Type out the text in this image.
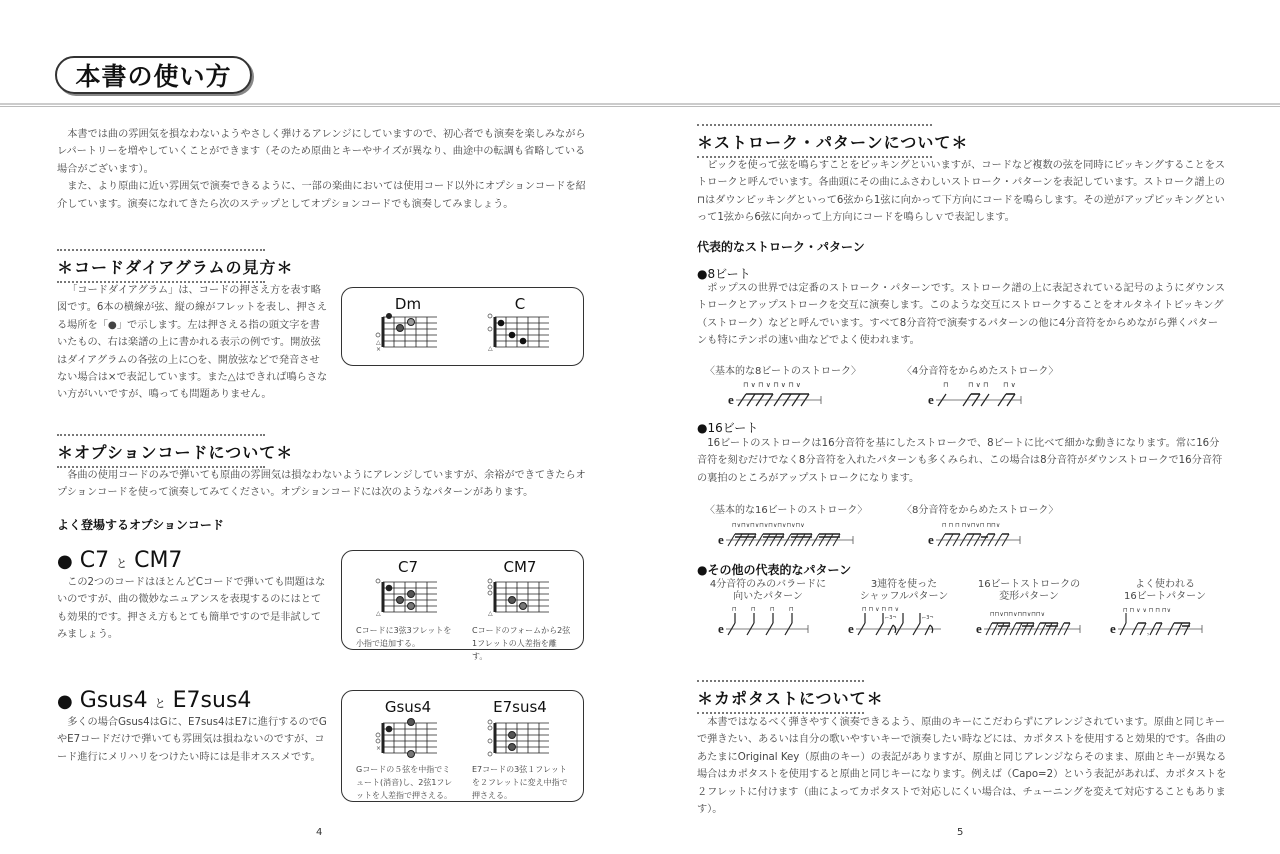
本書の使い方

本書では曲の雰囲気を損なわないようやさしく弾けるアレンジにしていますので、初心者でも演奏を楽しみながらレパートリーを増やしていくことができます（そのため原曲とキーやサイズが異なり、曲途中の転調も省略している場合がございます）。

また、より原曲に近い雰囲気で演奏できるように、一部の楽曲においては使用コード以外にオプションコードを紹介しています。演奏になれてきたら次のステップとしてオプションコードでも演奏してみましょう。

＊コードダイアグラムの見方＊

「コードダイアグラム」は、コードの押さえ方を表す略図です。6本の横線が弦、縦の線がフレットを表し、押さえる場所を「●」で示します。左は押さえる指の頭文字を書いたもの、右は楽譜の上に書かれる表示の例です。開放弦はダイアグラムの各弦の上に○を、開放弦などで発音させない場合は×で表記しています。また△はできれば鳴らさない方がいいですが、鳴っても問題ありません。

Dm	C
△
×	△
＊オプションコードについて＊

各曲の使用コードのみで弾いても原曲の雰囲気は損なわないようにアレンジしていますが、余裕ができてきたらオプションコードを使って演奏してみてください。オプションコードには次のようなパターンがあります。

よく登場するオプションコード
● C7 と CM7

この2つのコードはほとんどCコードで弾いても問題はないのですが、曲の微妙なニュアンスを表現するのにはとても効果的です。押さえ方もとても簡単ですので是非試してみましょう。

C7	CM7
△	△
Cコードに3弦3フレットを小指で追加する。
Cコードのフォームから2弦1フレットの人差指を離す。
● Gsus4 と E7sus4

多くの場合Gsus4はGに、E7sus4はE7に進行するのでGやE7コードだけで弾いても雰囲気は損ねないのですが、コード進行にメリハリをつけたい時には是非オススメです。

Gsus4	E7sus4
×
Gコードの５弦を中指でミュート(消音)し、2弦1フレットを人差指で押さえる。
E7コードの3弦１フレットを２フレットに変え中指で押さえる。
4
＊ストローク・パターンについて＊

ピックを使って弦を鳴らすことをピッキングといいますが、コードなど複数の弦を同時にピッキングすることをストロークと呼んでいます。各曲頭にその曲にふさわしいストローク・パターンを表記しています。ストローク譜上の⊓はダウンピッキングといって6弦から1弦に向かって下方向にコードを鳴らします。その逆がアップピッキングといって1弦から6弦に向かって上方向にコードを鳴らしｖで表記します。

代表的なストローク・パターン
●8ビート

ポップスの世界では定番のストローク・パターンです。ストローク譜の上に表記されている記号のようにダウンストロークとアップストロークを交互に演奏します。このような交互にストロークすることをオルタネイトピッキング（ストローク）などと呼んでいます。すべて8分音符で演奏するパターンの他に4分音符をからめながら弾くパターンも特にテンポの速い曲などでよく使われます。

〈基本的な8ビートのストローク〉	〈4分音符をからめたストローク〉
e
⊓ ∨ ⊓ ∨ ⊓ ∨ ⊓ ∨
e
⊓	⊓ ∨ ⊓ ⊓ ∨
●16ビート

16ビートのストロークは16分音符を基にしたストロークで、8ビートに比べて細かな動きになります。常に16分音符を刻むだけでなく8分音符を入れたパターンも多くみられ、この場合は8分音符がダウンストロークで16分音符の裏拍のところがアップストロークになります。

〈基本的な16ビートのストローク〉	〈8分音符をからめたストローク〉
e
⊓∨⊓∨⊓∨⊓∨⊓∨⊓∨⊓∨⊓∨
e
⊓ ⊓ ⊓ ⊓∨⊓∨⊓ ⊓⊓∨
●その他の代表的なパターン
4分音符のみのバラードに
向いたパターン
3連符を使った
シャッフルパターン
16ビートストロークの
変形パターン
よく使われる
16ビートパターン
e
⊓ ⊓ ⊓ ⊓
e
⊓ ⊓ ∨ ⊓ ⊓ ∨
⌐3¬	⌐3¬
e
⊓⊓∨⊓⊓∨⊓⊓∨⊓⊓∨
e	𝄾
⊓ ⊓ ∨ ∨ ⊓ ⊓ ⊓∨
＊カポタストについて＊

本書ではなるべく弾きやすく演奏できるよう、原曲のキーにこだわらずにアレンジされています。原曲と同じキーで弾きたい、あるいは自分の歌いやすいキーで演奏したい時などには、カポタストを使用すると効果的です。各曲のあたまにOriginal Key（原曲のキー）の表記がありますが、原曲と同じアレンジならそのまま、原曲とキーが異なる場合はカポタストを使用すると原曲と同じキーになります。例えば（Capo=2）という表記があれば、カポタストを２フレットに付けます（曲によってカポタストで対応しにくい場合は、チューニングを変えて対応することもあります）。

5
